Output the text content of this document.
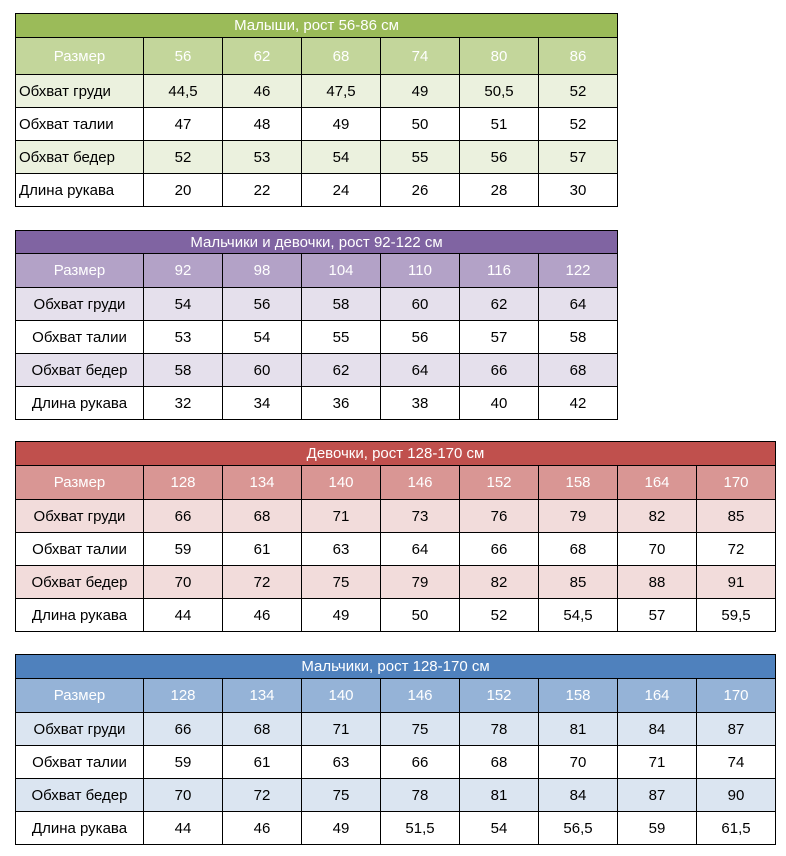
Малыши, рост 56-86 см						
Размер	56	62	68	74	80	86
Обхват груди	44,5	46	47,5	49	50,5	52
Обхват талии	47	48	49	50	51	52
Обхват бедер	52	53	54	55	56	57
Длина рукава	20	22	24	26	28	30
Мальчики и девочки, рост 92-122 см						
Размер	92	98	104	110	116	122
Обхват груди	54	56	58	60	62	64
Обхват талии	53	54	55	56	57	58
Обхват бедер	58	60	62	64	66	68
Длина рукава	32	34	36	38	40	42
Девочки, рост 128-170 см								
Размер	128	134	140	146	152	158	164	170
Обхват груди	66	68	71	73	76	79	82	85
Обхват талии	59	61	63	64	66	68	70	72
Обхват бедер	70	72	75	79	82	85	88	91
Длина рукава	44	46	49	50	52	54,5	57	59,5
Мальчики, рост 128-170 см								
Размер	128	134	140	146	152	158	164	170
Обхват груди	66	68	71	75	78	81	84	87
Обхват талии	59	61	63	66	68	70	71	74
Обхват бедер	70	72	75	78	81	84	87	90
Длина рукава	44	46	49	51,5	54	56,5	59	61,5
